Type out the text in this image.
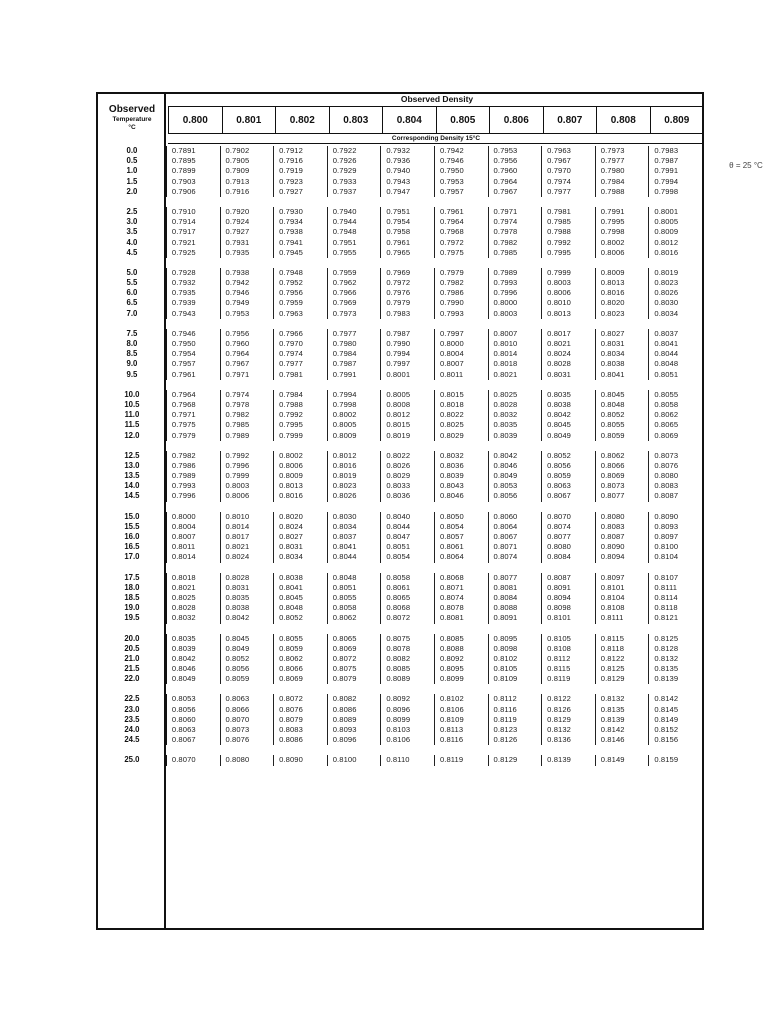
θ = 25 °C
Observed
Temperature
°C
Observed Density
0.800	0.801	0.802	0.803	0.804	0.805	0.806	0.807	0.808	0.809
Corresponding Density 15°C
0.0	0.7891	0.7902	0.7912	0.7922	0.7932	0.7942	0.7953	0.7963	0.7973	0.7983
0.5	0.7895	0.7905	0.7916	0.7926	0.7936	0.7946	0.7956	0.7967	0.7977	0.7987
1.0	0.7899	0.7909	0.7919	0.7929	0.7940	0.7950	0.7960	0.7970	0.7980	0.7991
1.5	0.7903	0.7913	0.7923	0.7933	0.7943	0.7953	0.7964	0.7974	0.7984	0.7994
2.0	0.7906	0.7916	0.7927	0.7937	0.7947	0.7957	0.7967	0.7977	0.7988	0.7998
2.5	0.7910	0.7920	0.7930	0.7940	0.7951	0.7961	0.7971	0.7981	0.7991	0.8001
3.0	0.7914	0.7924	0.7934	0.7944	0.7954	0.7964	0.7974	0.7985	0.7995	0.8005
3.5	0.7917	0.7927	0.7938	0.7948	0.7958	0.7968	0.7978	0.7988	0.7998	0.8009
4.0	0.7921	0.7931	0.7941	0.7951	0.7961	0.7972	0.7982	0.7992	0.8002	0.8012
4.5	0.7925	0.7935	0.7945	0.7955	0.7965	0.7975	0.7985	0.7995	0.8006	0.8016
5.0	0.7928	0.7938	0.7948	0.7959	0.7969	0.7979	0.7989	0.7999	0.8009	0.8019
5.5	0.7932	0.7942	0.7952	0.7962	0.7972	0.7982	0.7993	0.8003	0.8013	0.8023
6.0	0.7935	0.7946	0.7956	0.7966	0.7976	0.7986	0.7996	0.8006	0.8016	0.8026
6.5	0.7939	0.7949	0.7959	0.7969	0.7979	0.7990	0.8000	0.8010	0.8020	0.8030
7.0	0.7943	0.7953	0.7963	0.7973	0.7983	0.7993	0.8003	0.8013	0.8023	0.8034
7.5	0.7946	0.7956	0.7966	0.7977	0.7987	0.7997	0.8007	0.8017	0.8027	0.8037
8.0	0.7950	0.7960	0.7970	0.7980	0.7990	0.8000	0.8010	0.8021	0.8031	0.8041
8.5	0.7954	0.7964	0.7974	0.7984	0.7994	0.8004	0.8014	0.8024	0.8034	0.8044
9.0	0.7957	0.7967	0.7977	0.7987	0.7997	0.8007	0.8018	0.8028	0.8038	0.8048
9.5	0.7961	0.7971	0.7981	0.7991	0.8001	0.8011	0.8021	0.8031	0.8041	0.8051
10.0	0.7964	0.7974	0.7984	0.7994	0.8005	0.8015	0.8025	0.8035	0.8045	0.8055
10.5	0.7968	0.7978	0.7988	0.7998	0.8008	0.8018	0.8028	0.8038	0.8048	0.8058
11.0	0.7971	0.7982	0.7992	0.8002	0.8012	0.8022	0.8032	0.8042	0.8052	0.8062
11.5	0.7975	0.7985	0.7995	0.8005	0.8015	0.8025	0.8035	0.8045	0.8055	0.8065
12.0	0.7979	0.7989	0.7999	0.8009	0.8019	0.8029	0.8039	0.8049	0.8059	0.8069
12.5	0.7982	0.7992	0.8002	0.8012	0.8022	0.8032	0.8042	0.8052	0.8062	0.8073
13.0	0.7986	0.7996	0.8006	0.8016	0.8026	0.8036	0.8046	0.8056	0.8066	0.8076
13.5	0.7989	0.7999	0.8009	0.8019	0.8029	0.8039	0.8049	0.8059	0.8069	0.8080
14.0	0.7993	0.8003	0.8013	0.8023	0.8033	0.8043	0.8053	0.8063	0.8073	0.8083
14.5	0.7996	0.8006	0.8016	0.8026	0.8036	0.8046	0.8056	0.8067	0.8077	0.8087
15.0	0.8000	0.8010	0.8020	0.8030	0.8040	0.8050	0.8060	0.8070	0.8080	0.8090
15.5	0.8004	0.8014	0.8024	0.8034	0.8044	0.8054	0.8064	0.8074	0.8083	0.8093
16.0	0.8007	0.8017	0.8027	0.8037	0.8047	0.8057	0.8067	0.8077	0.8087	0.8097
16.5	0.8011	0.8021	0.8031	0.8041	0.8051	0.8061	0.8071	0.8080	0.8090	0.8100
17.0	0.8014	0.8024	0.8034	0.8044	0.8054	0.8064	0.8074	0.8084	0.8094	0.8104
17.5	0.8018	0.8028	0.8038	0.8048	0.8058	0.8068	0.8077	0.8087	0.8097	0.8107
18.0	0.8021	0.8031	0.8041	0.8051	0.8061	0.8071	0.8081	0.8091	0.8101	0.8111
18.5	0.8025	0.8035	0.8045	0.8055	0.8065	0.8074	0.8084	0.8094	0.8104	0.8114
19.0	0.8028	0.8038	0.8048	0.8058	0.8068	0.8078	0.8088	0.8098	0.8108	0.8118
19.5	0.8032	0.8042	0.8052	0.8062	0.8072	0.8081	0.8091	0.8101	0.8111	0.8121
20.0	0.8035	0.8045	0.8055	0.8065	0.8075	0.8085	0.8095	0.8105	0.8115	0.8125
20.5	0.8039	0.8049	0.8059	0.8069	0.8078	0.8088	0.8098	0.8108	0.8118	0.8128
21.0	0.8042	0.8052	0.8062	0.8072	0.8082	0.8092	0.8102	0.8112	0.8122	0.8132
21.5	0.8046	0.8056	0.8066	0.8075	0.8085	0.8095	0.8105	0.8115	0.8125	0.8135
22.0	0.8049	0.8059	0.8069	0.8079	0.8089	0.8099	0.8109	0.8119	0.8129	0.8139
22.5	0.8053	0.8063	0.8072	0.8082	0.8092	0.8102	0.8112	0.8122	0.8132	0.8142
23.0	0.8056	0.8066	0.8076	0.8086	0.8096	0.8106	0.8116	0.8126	0.8135	0.8145
23.5	0.8060	0.8070	0.8079	0.8089	0.8099	0.8109	0.8119	0.8129	0.8139	0.8149
24.0	0.8063	0.8073	0.8083	0.8093	0.8103	0.8113	0.8123	0.8132	0.8142	0.8152
24.5	0.8067	0.8076	0.8086	0.8096	0.8106	0.8116	0.8126	0.8136	0.8146	0.8156
25.0	0.8070	0.8080	0.8090	0.8100	0.8110	0.8119	0.8129	0.8139	0.8149	0.8159
